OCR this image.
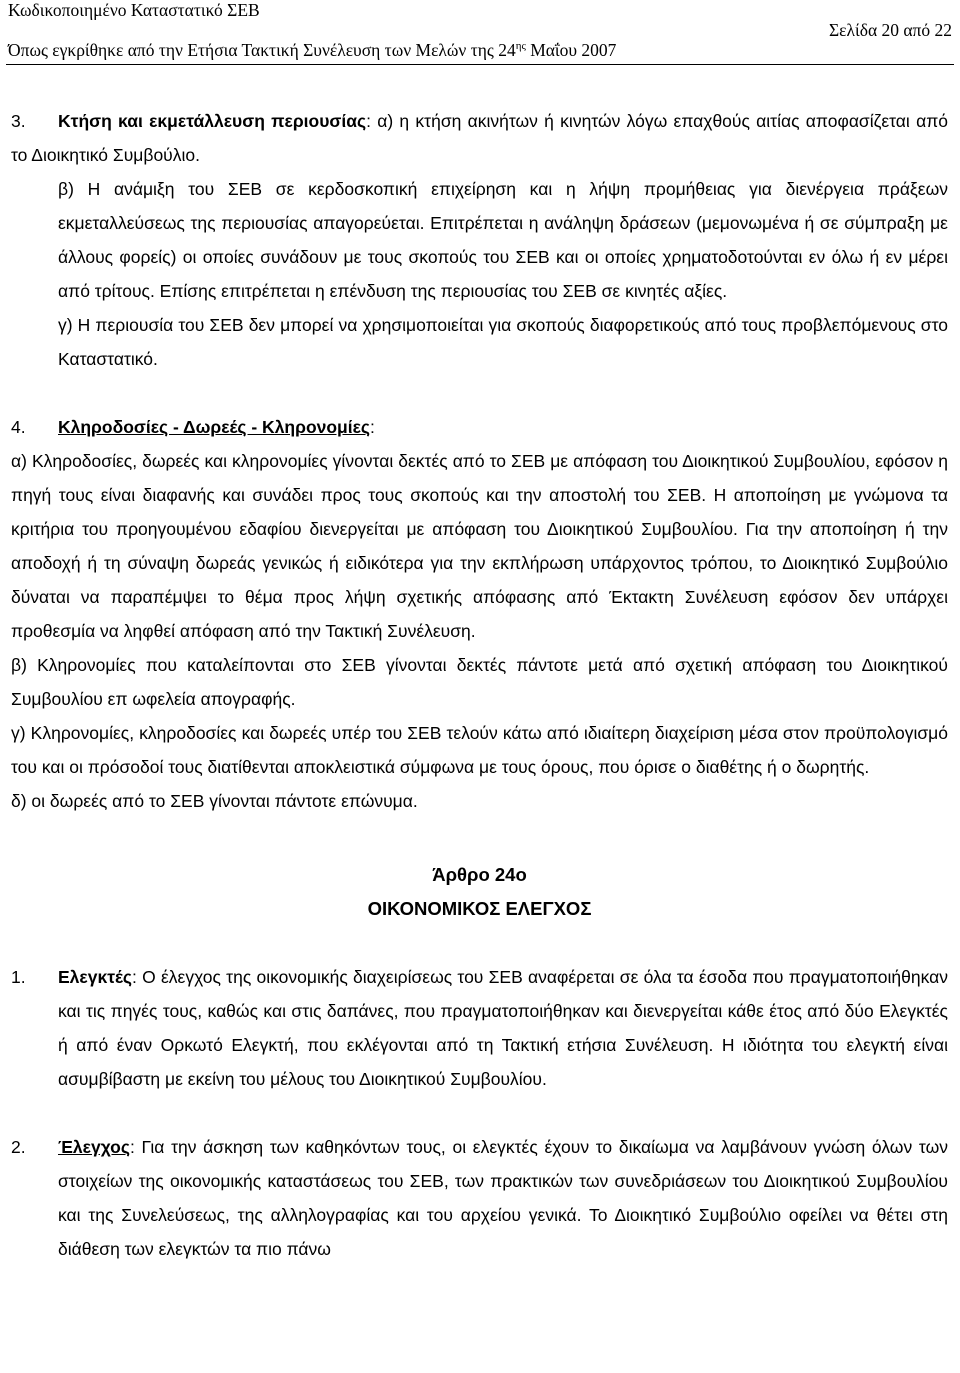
Κωδικοποιημένο Καταστατικό ΣΕΒ
Σελίδα 20 από 22
Όπως εγκρίθηκε από την Ετήσια Τακτική Συνέλευση των Μελών της $24^{\eta\varsigma}$ Μαΐου 2007

3. Κτήση και εκμετάλλευση περιουσίας: α) η κτήση ακινήτων ή κινητών λόγω επαχθούς αιτίας αποφασίζεται από το Διοικητικό Συμβούλιο.

β) Η ανάμιξη του ΣΕΒ σε κερδοσκοπική επιχείρηση και η λήψη προμήθειας για διενέργεια πράξεων εκμεταλλεύσεως της περιουσίας απαγορεύεται. Επιτρέπεται η ανάληψη δράσεων (μεμονωμένα ή σε σύμπραξη με άλλους φορείς) οι οποίες συνάδουν με τους σκοπούς του ΣΕΒ και οι οποίες χρηματοδοτούνται εν όλω ή εν μέρει από τρίτους. Επίσης επιτρέπεται η επένδυση της περιουσίας του ΣΕΒ σε κινητές αξίες.

γ) Η περιουσία του ΣΕΒ δεν μπορεί να χρησιμοποιείται για σκοπούς διαφορετικούς από τους προβλεπόμενους στο Καταστατικό.

4. Κληροδοσίες - Δωρεές - Κληρονομίες:

α) Κληροδοσίες, δωρεές και κληρονομίες γίνονται δεκτές από το ΣΕΒ με απόφαση του Διοικητικού Συμβουλίου, εφόσον η πηγή τους είναι διαφανής και συνάδει προς τους σκοπούς και την αποστολή του ΣΕΒ. Η αποποίηση με γνώμονα τα κριτήρια του προηγουμένου εδαφίου διενεργείται με απόφαση του Διοικητικού Συμβουλίου. Για την αποποίηση ή την αποδοχή ή τη σύναψη δωρεάς γενικώς ή ειδικότερα για την εκπλήρωση υπάρχοντος τρόπου, το Διοικητικό Συμβούλιο δύναται να παραπέμψει το θέμα προς λήψη σχετικής απόφασης από Έκτακτη Συνέλευση εφόσον δεν υπάρχει προθεσμία να ληφθεί απόφαση από την Τακτική Συνέλευση.

β) Κληρονομίες που καταλείπονται στο ΣΕΒ γίνονται δεκτές πάντοτε μετά από σχετική απόφαση του Διοικητικού Συμβουλίου επ ωφελεία απογραφής.

γ) Κληρονομίες, κληροδοσίες και δωρεές υπέρ του ΣΕΒ τελούν κάτω από ιδιαίτερη διαχείριση μέσα στον προϋπολογισμό του και οι πρόσοδοί τους διατίθενται αποκλειστικά σύμφωνα με τους όρους, που όρισε ο διαθέτης ή ο δωρητής.

δ) οι δωρεές από το ΣΕΒ γίνονται πάντοτε επώνυμα.

Άρθρο 24ο
ΟΙΚΟΝΟΜΙΚΟΣ ΕΛΕΓΧΟΣ
1. Ελεγκτές: Ο έλεγχος της οικονομικής διαχειρίσεως του ΣΕΒ αναφέρεται σε όλα τα έσοδα που πραγματοποιήθηκαν και τις πηγές τους, καθώς και στις δαπάνες, που πραγματοποιήθηκαν και διενεργείται κάθε έτος από δύο Ελεγκτές ή από έναν Ορκωτό Ελεγκτή, που εκλέγονται από τη Τακτική ετήσια Συνέλευση. Η ιδιότητα του ελεγκτή είναι ασυμβίβαστη με εκείνη του μέλους του Διοικητικού Συμβουλίου.

2. Έλεγχος: Για την άσκηση των καθηκόντων τους, οι ελεγκτές έχουν το δικαίωμα να λαμβάνουν γνώση όλων των στοιχείων της οικονομικής καταστάσεως του ΣΕΒ, των πρακτικών των συνεδριάσεων του Διοικητικού Συμβουλίου και της Συνελεύσεως, της αλληλογραφίας και του αρχείου γενικά. Το Διοικητικό Συμβούλιο οφείλει να θέτει στη διάθεση των ελεγκτών τα πιο πάνω
